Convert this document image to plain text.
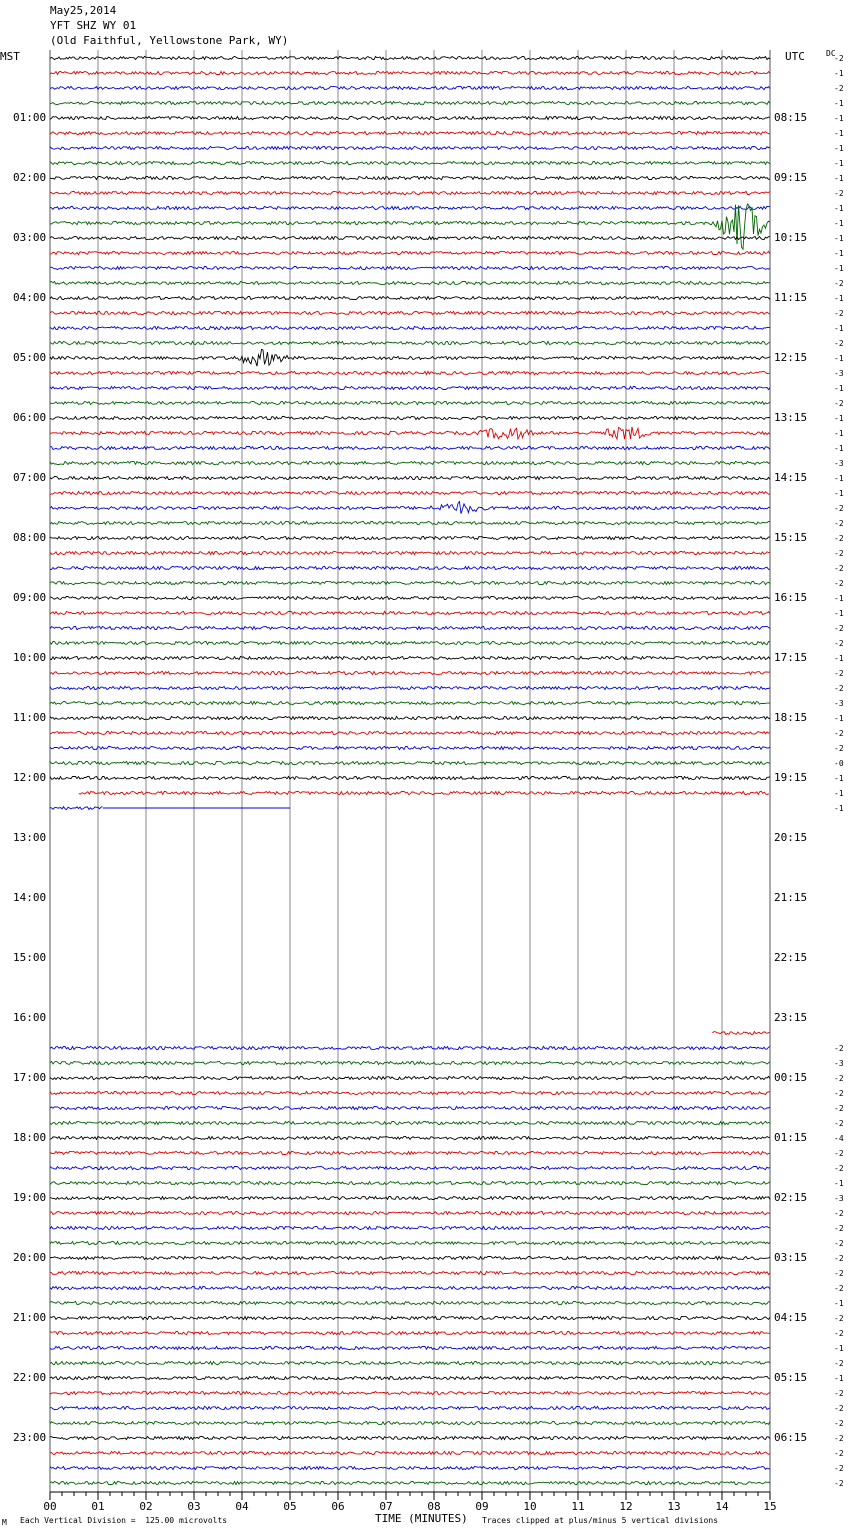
00	01	02	03	04	05	06	07	08	09	10	11	12	13	14	15
May25,2014
YFT SHZ WY 01
(Old Faithful, Yellowstone Park, WY)
MST	UTC	DC
-2
-1
-2
-1
-1
-1
-1
-1
-1
-2
-1
-1
-1
-1
-1
-2
-1
-2
-1
-2
-1
-3
-1
-2
-1
-1
-1
-3
-1
-1
-2
-2
-2
-2
-2
-2
-1
-1
-2
-2
-1
-2
-2
-3
-1
-2
-2
-0
-1
-1
-1
-2
-3
-2
-2
-2
-2
-4
-2
-2
-1
-3
-2
-2
-2
-2
-2
-2
-1
-2
-2
-1
-2
-1
-2
-2
-2
-2
-2
-2
-2
01:00	08:15
02:00	09:15
03:00	10:15
04:00	11:15
05:00	12:15
06:00	13:15
07:00	14:15
08:00	15:15
09:00	16:15
10:00	17:15
11:00	18:15
12:00	19:15
13:00	20:15
14:00	21:15
15:00	22:15
16:00	23:15
17:00	00:15
18:00	01:15
19:00	02:15
20:00	03:15
21:00	04:15
22:00	05:15
23:00	06:15
M Each Vertical Division =  125.00 microvolts	TIME (MINUTES) Traces clipped at plus/minus 5 vertical divisions
